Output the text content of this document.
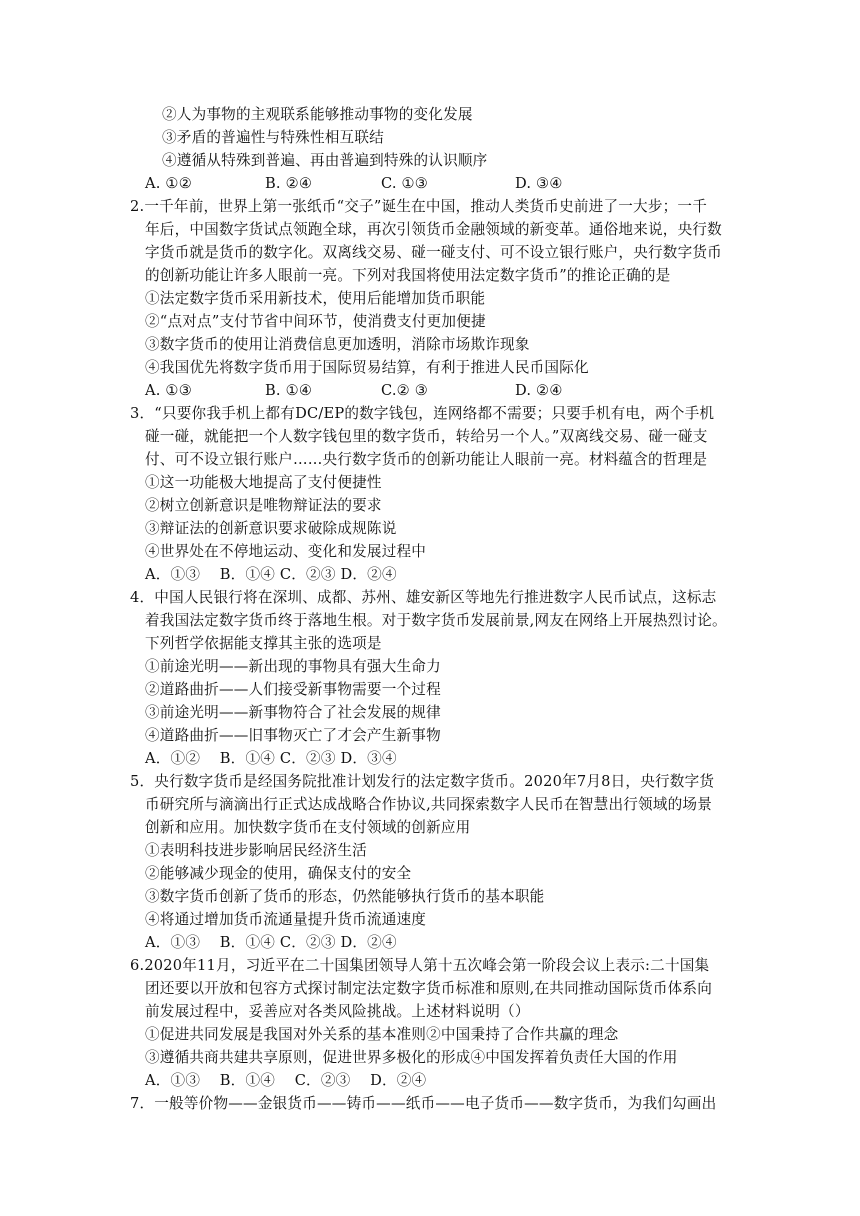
②人为事物的主观联系能够推动事物的变化发展
③矛盾的普遍性与特殊性相互联结
④遵循从特殊到普遍、再由普遍到特殊的认识顺序
A. ①②	B. ②④	C. ①③	D. ③④
2.一千年前，世界上第一张纸币“交子”诞生在中国，推动人类货币史前进了一大步；一千
年后，中国数字货试点领跑全球，再次引领货币金融领域的新变革。通俗地来说，央行数
字货币就是货币的数字化。双离线交易、碰一碰支付、可不设立银行账户，央行数字货币
的创新功能让许多人眼前一亮。下列对我国将使用法定数字货币”的推论正确的是
①法定数字货币采用新技术，使用后能增加货币职能
②“点对点”支付节省中间环节，使消费支付更加便捷
③数字货币的使用让消费信息更加透明，消除市场欺诈现象
④我国优先将数字货币用于国际贸易结算，有利于推进人民币国际化
A. ①③	B. ①④	C.② ③	D. ②④
3．“只要你我手机上都有DC/EP的数字钱包，连网络都不需要；只要手机有电，两个手机
碰一碰，就能把一个人数字钱包里的数字货币，转给另一个人。”双离线交易、碰一碰支
付、可不设立银行账户……央行数字货币的创新功能让人眼前一亮。材料蕴含的哲理是
①这一功能极大地提高了支付便捷性
②树立创新意识是唯物辩证法的要求
③辩证法的创新意识要求破除成规陈说
④世界处在不停地运动、变化和发展过程中
A．①③　 B．①④ C．②③ D．②④
4．中国人民银行将在深圳、成都、苏州、雄安新区等地先行推进数字人民币试点，这标志
着我国法定数字货币终于落地生根。对于数字货币发展前景,网友在网络上开展热烈讨论。
下列哲学依据能支撑其主张的选项是
①前途光明——新出现的事物具有强大生命力
②道路曲折——人们接受新事物需要一个过程
③前途光明——新事物符合了社会发展的规律
④道路曲折——旧事物灭亡了才会产生新事物
A．①②　 B．①④ C．②③ D．③④
5．央行数字货币是经国务院批准计划发行的法定数字货币。2020年7月8日，央行数字货
币研究所与滴滴出行正式达成战略合作协议,共同探索数字人民币在智慧出行领域的场景
创新和应用。加快数字货币在支付领域的创新应用
①表明科技进步影响居民经济生活
②能够减少现金的使用，确保支付的安全
③数字货币创新了货币的形态，仍然能够执行货币的基本职能
④将通过增加货币流通量提升货币流通速度
A．①③　 B．①④ C．②③ D．②④
6.2020年11月，习近平在二十国集团领导人第十五次峰会第一阶段会议上表示:二十国集
团还要以开放和包容方式探讨制定法定数字货币标准和原则,在共同推动国际货币体系向
前发展过程中，妥善应对各类风险挑战。上述材料说明（）
①促进共同发展是我国对外关系的基本准则②中国秉持了合作共赢的理念
③遵循共商共建共享原则，促进世界多极化的形成④中国发挥着负责任大国的作用
A．①③　 B．①④　 C．②③　 D．②④
7．一般等价物——金银货币——铸币——纸币——电子货币——数字货币，为我们勾画出
